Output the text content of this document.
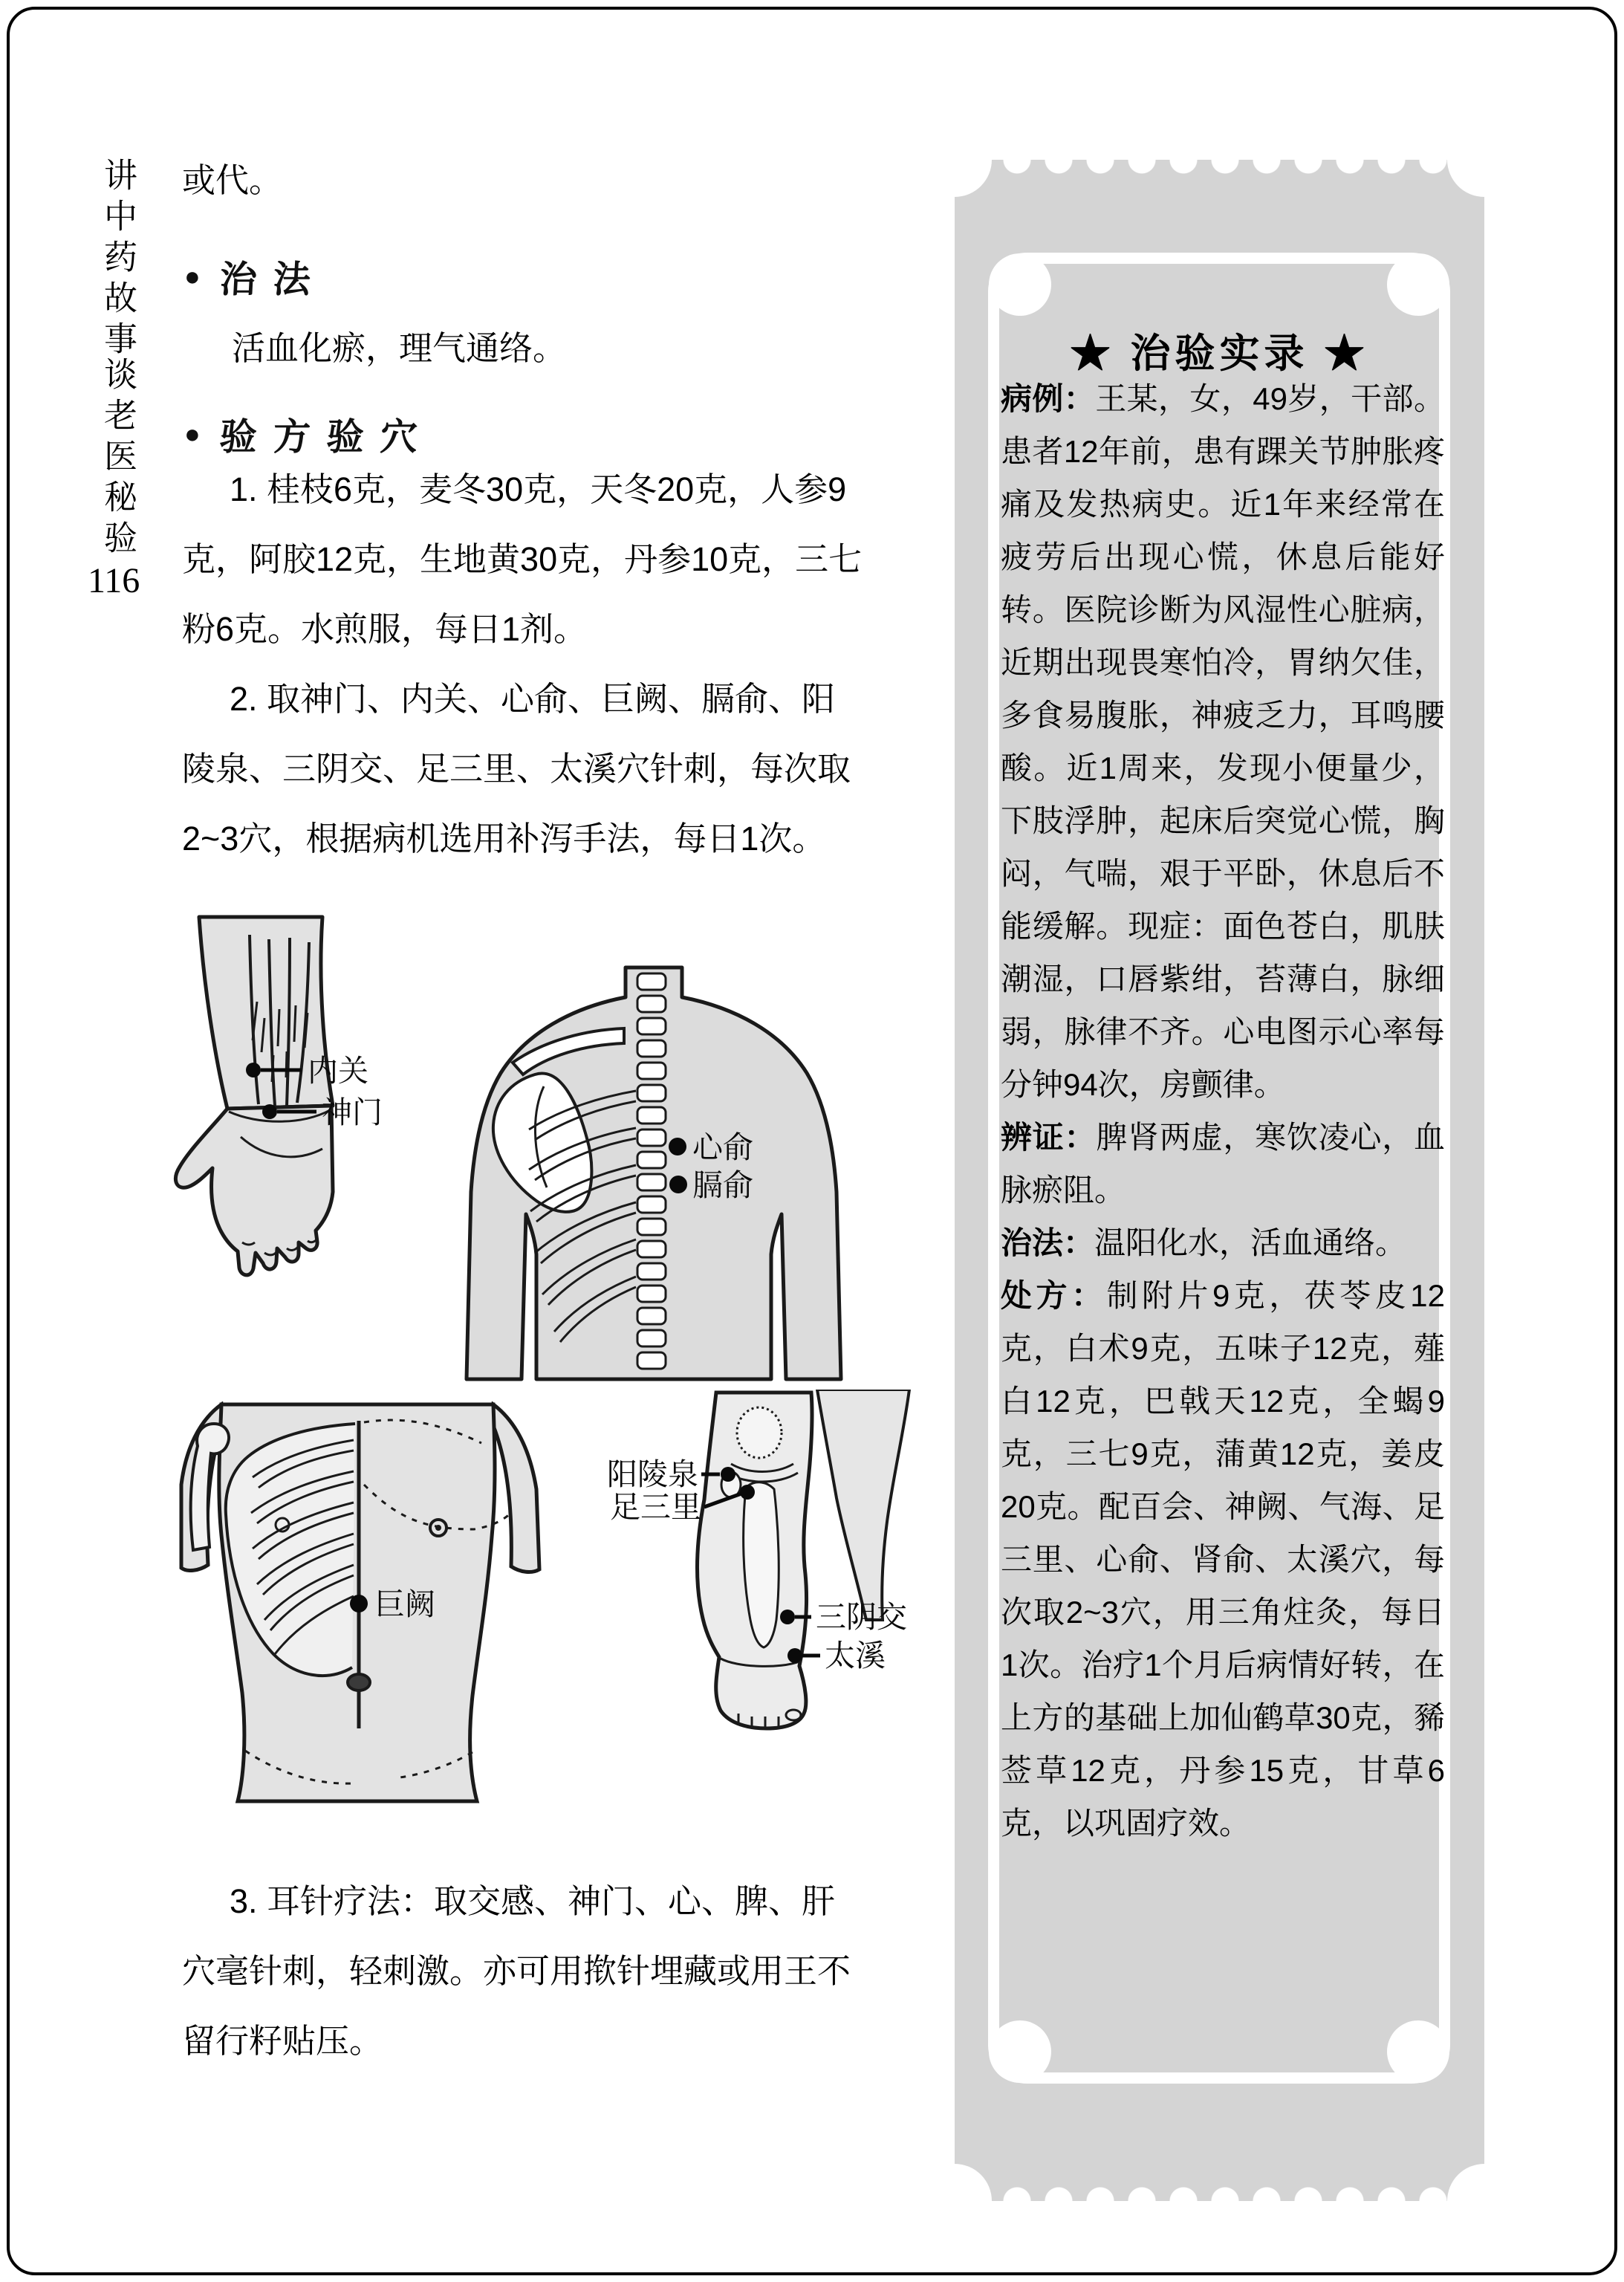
讲中药故事
谈老医秘验
116
或代。
● 治法
活血化瘀，理气通络。
● 验方验穴
1. 桂枝6克，麦冬30克，天冬20克，人参9
克，阿胶12克，生地黄30克，丹参10克，三七
粉6克。水煎服，每日1剂。
2. 取神门、内关、心俞、巨阙、膈俞、阳
陵泉、三阴交、足三里、太溪穴针刺，每次取
2~3穴，根据病机选用补泻手法，每日1次。
3. 耳针疗法：取交感、神门、心、脾、肝
穴毫针刺，轻刺激。亦可用揿针埋藏或用王不
留行籽贴压。
内关
神门
心俞
膈俞
巨阙
阳陵泉
足三里
三阴交
太溪
★ 治验实录 ★

病例：王某，女，49岁，干部。患者12年前，患有踝关节肿胀疼痛及发热病史。近1年来经常在疲劳后出现心慌，休息后能好转。医院诊断为风湿性心脏病，近期出现畏寒怕冷，胃纳欠佳，多食易腹胀，神疲乏力，耳鸣腰酸。近1周来，发现小便量少，下肢浮肿，起床后突觉心慌，胸闷，气喘，艰于平卧，休息后不能缓解。现症：面色苍白，肌肤潮湿，口唇紫绀，苔薄白，脉细弱，脉律不齐。心电图示心率每分钟94次，房颤律。

辨证：脾肾两虚，寒饮凌心，血脉瘀阻。

治法：温阳化水，活血通络。

处方：制附片9克，茯苓皮12克，白术9克，五味子12克，薤白12克，巴戟天12克，全蝎9克，三七9克，蒲黄12克，姜皮20克。配百会、神阙、气海、足三里、心俞、肾俞、太溪穴，每次取2~3穴，用三角炷灸，每日1次。治疗1个月后病情好转，在上方的基础上加仙鹤草30克，豨莶草12克，丹参15克，甘草6克，以巩固疗效。
